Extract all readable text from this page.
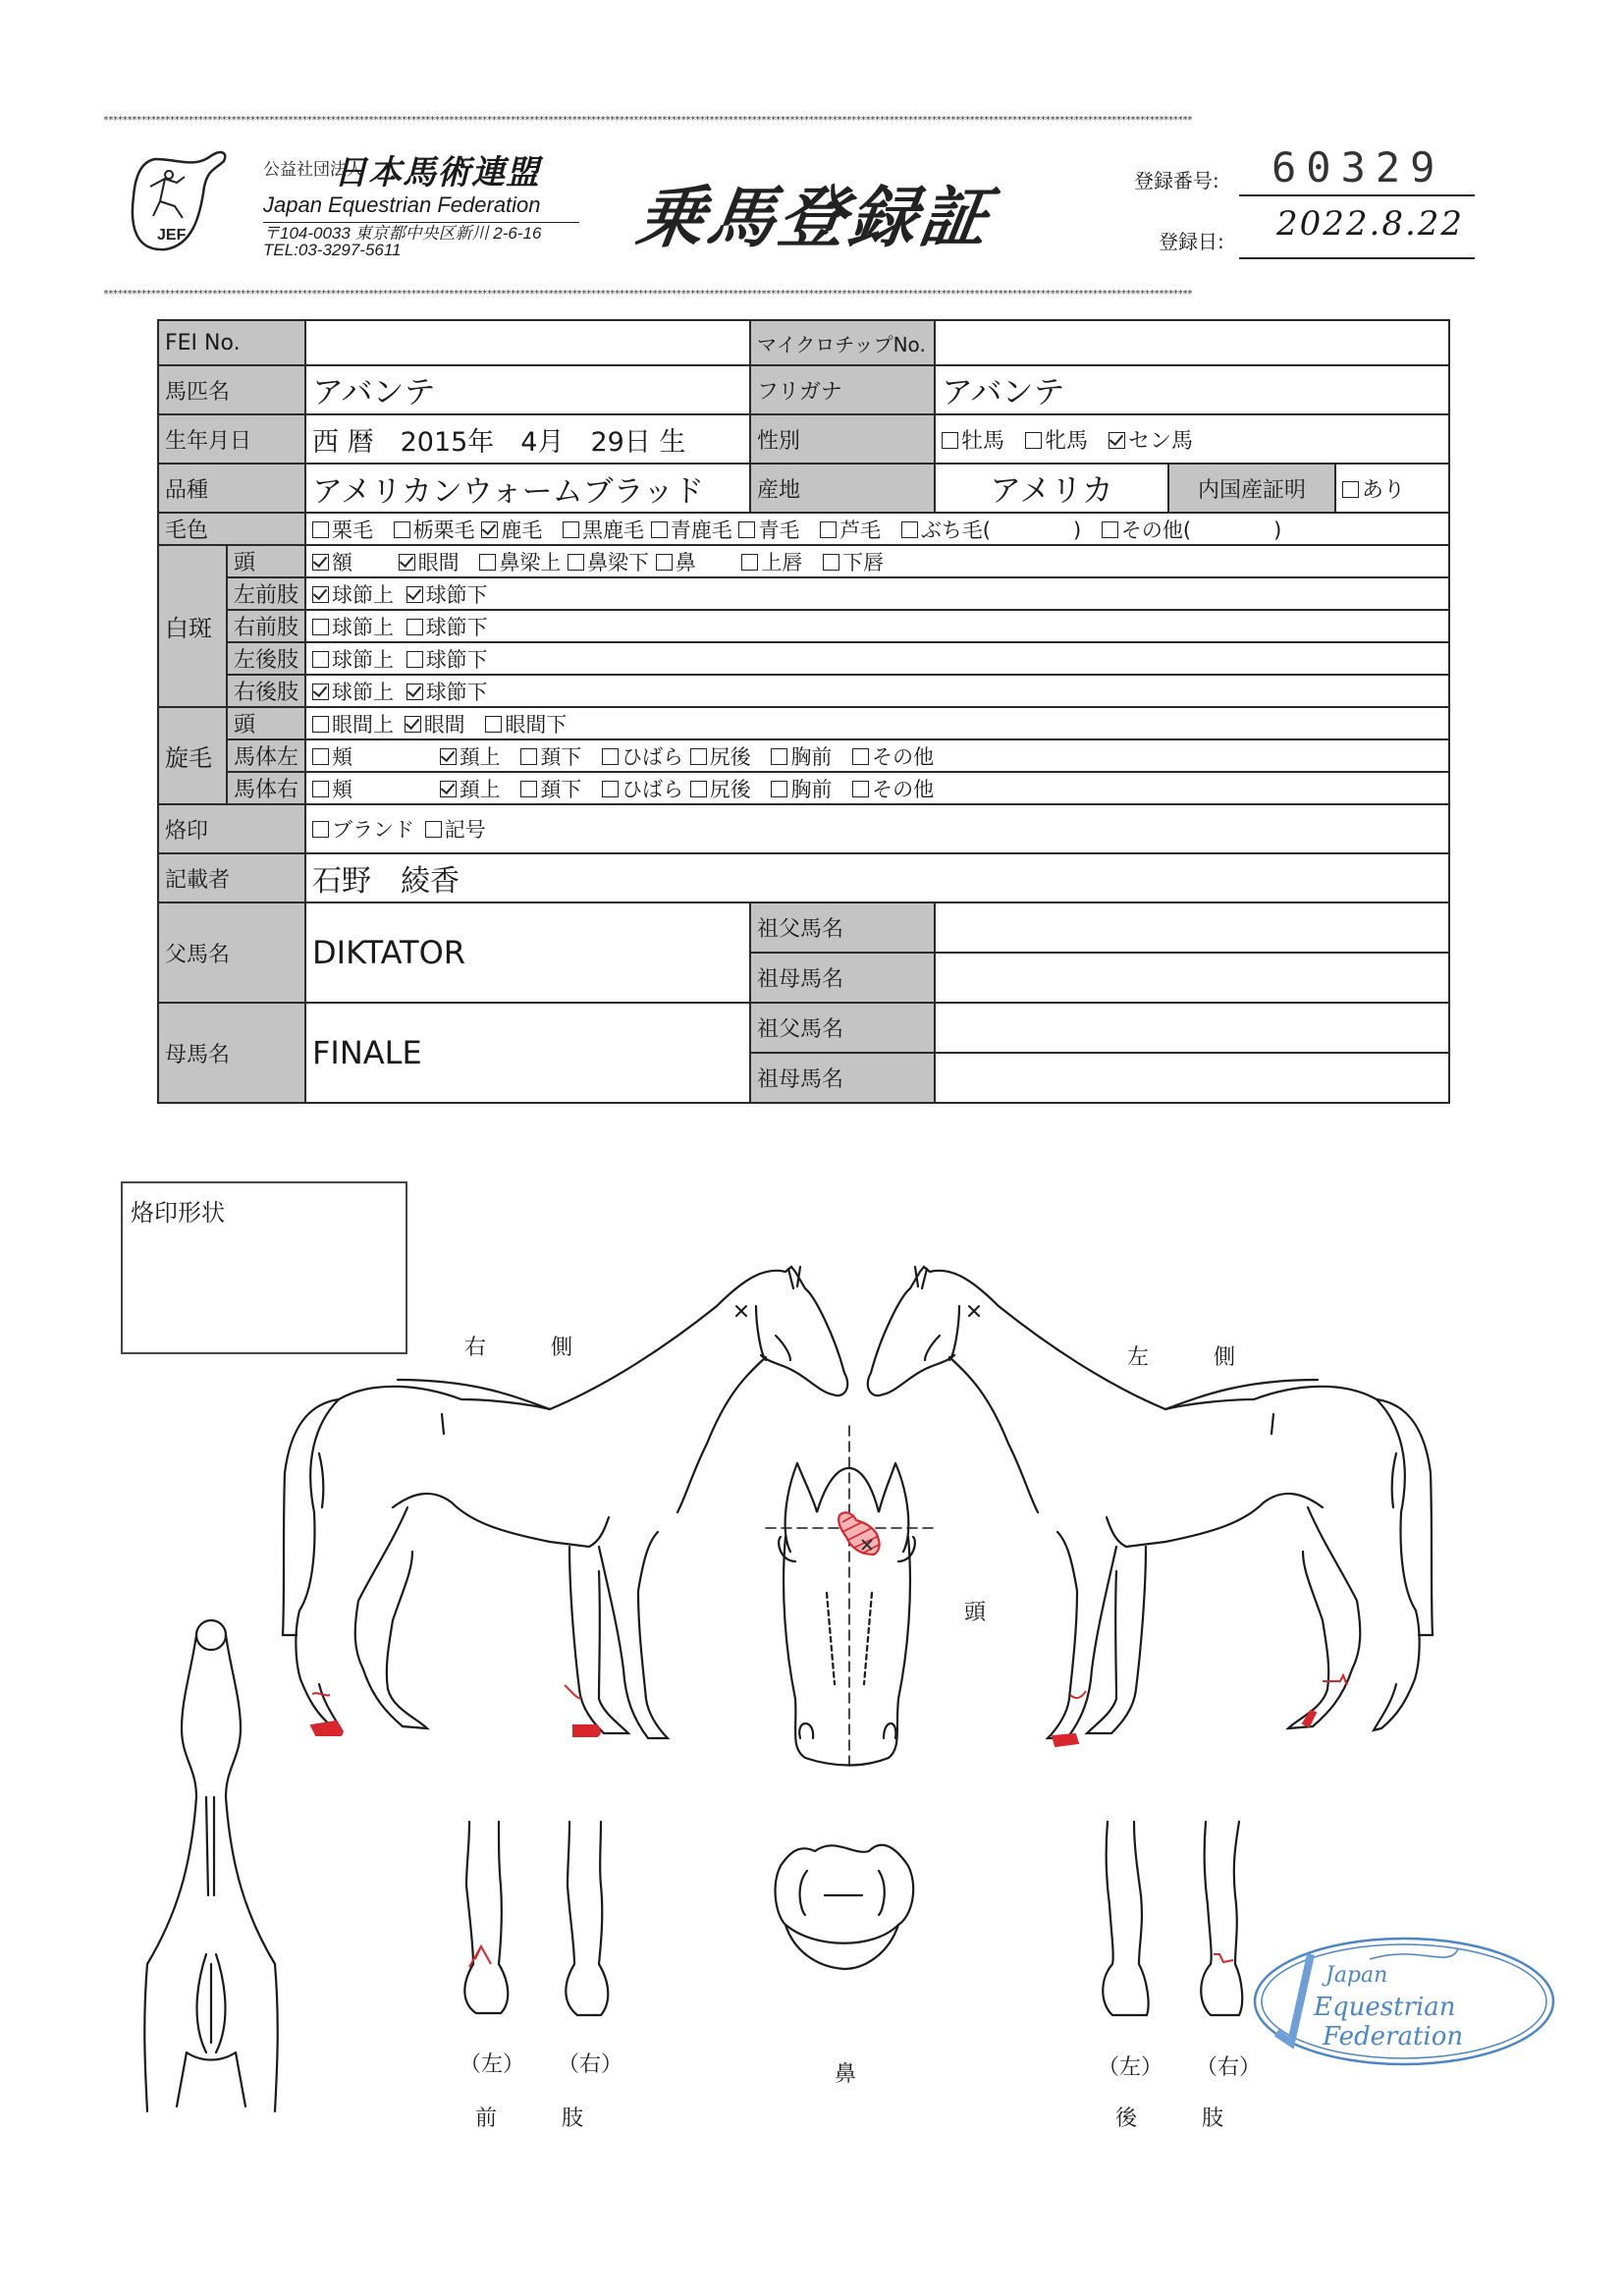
**************************************************************************************************************************************************************************************************************************************
**************************************************************************************************************************************************************************************************************************************
JEF
公益社団法人
日本馬術連盟
Japan Equestrian Federation
〒104-0033 東京都中央区新川 2-6-16
TEL:03-3297-5611	乗馬登録証	登録番号: 60329
登録日: 2022.8.22
FEI No.			マイクロチップNo.			
馬匹名		アバンテ	フリガナ	アバンテ		
生年月日		西 暦　2015年　4月　29日 生	性別	牡馬 牝馬 セン馬		
品種		アメリカンウォームブラッド	産地	アメリカ	内国産証明	あり
毛色		栗毛 栃栗毛 鹿毛 黒鹿毛 青鹿毛 青毛 芦毛 ぶち毛(　　　　) その他(　　　　)				
白斑	頭	額 眼間 鼻梁上 鼻梁下 鼻 上唇 下唇				
	左前肢	球節上 球節下				
	右前肢	球節上 球節下				
	左後肢	球節上 球節下				
	右後肢	球節上 球節下				
旋毛	頭	眼間上 眼間 眼間下				
	馬体左	頬 頚上 頚下 ひばら 尻後 胸前 その他				
	馬体右	頬 頚上 頚下 ひばら 尻後 胸前 その他				
烙印		ブランド 記号				
記載者		石野　綾香				
父馬名		DIKTATOR	祖父馬名			
			祖母馬名			
母馬名		FINALE	祖父馬名			
			祖母馬名			
烙印形状
右　　　側	左　　　側
頭
鼻
（左） （右）
前　　　肢
（左） （右）
後　　　肢
Japan
Equestrian
Federation
